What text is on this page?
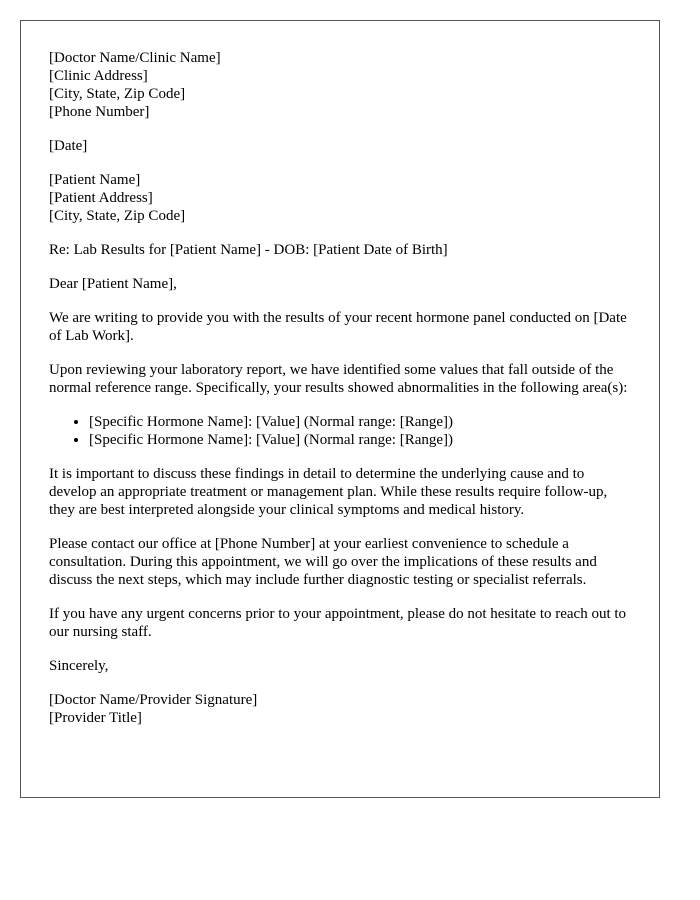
[Doctor Name/Clinic Name]
[Clinic Address]
[City, State, Zip Code]
[Phone Number]

[Date]

[Patient Name]
[Patient Address]
[City, State, Zip Code]

Re: Lab Results for [Patient Name] - DOB: [Patient Date of Birth]

Dear [Patient Name],

We are writing to provide you with the results of your recent hormone panel conducted on [Date of Lab Work].

Upon reviewing your laboratory report, we have identified some values that fall outside of the normal reference range. Specifically, your results showed abnormalities in the following area(s):

• [Specific Hormone Name]: [Value] (Normal range: [Range])
• [Specific Hormone Name]: [Value] (Normal range: [Range])

It is important to discuss these findings in detail to determine the underlying cause and to develop an appropriate treatment or management plan. While these results require follow-up, they are best interpreted alongside your clinical symptoms and medical history.

Please contact our office at [Phone Number] at your earliest convenience to schedule a consultation. During this appointment, we will go over the implications of these results and discuss the next steps, which may include further diagnostic testing or specialist referrals.

If you have any urgent concerns prior to your appointment, please do not hesitate to reach out to our nursing staff.

Sincerely,

[Doctor Name/Provider Signature]
[Provider Title]
